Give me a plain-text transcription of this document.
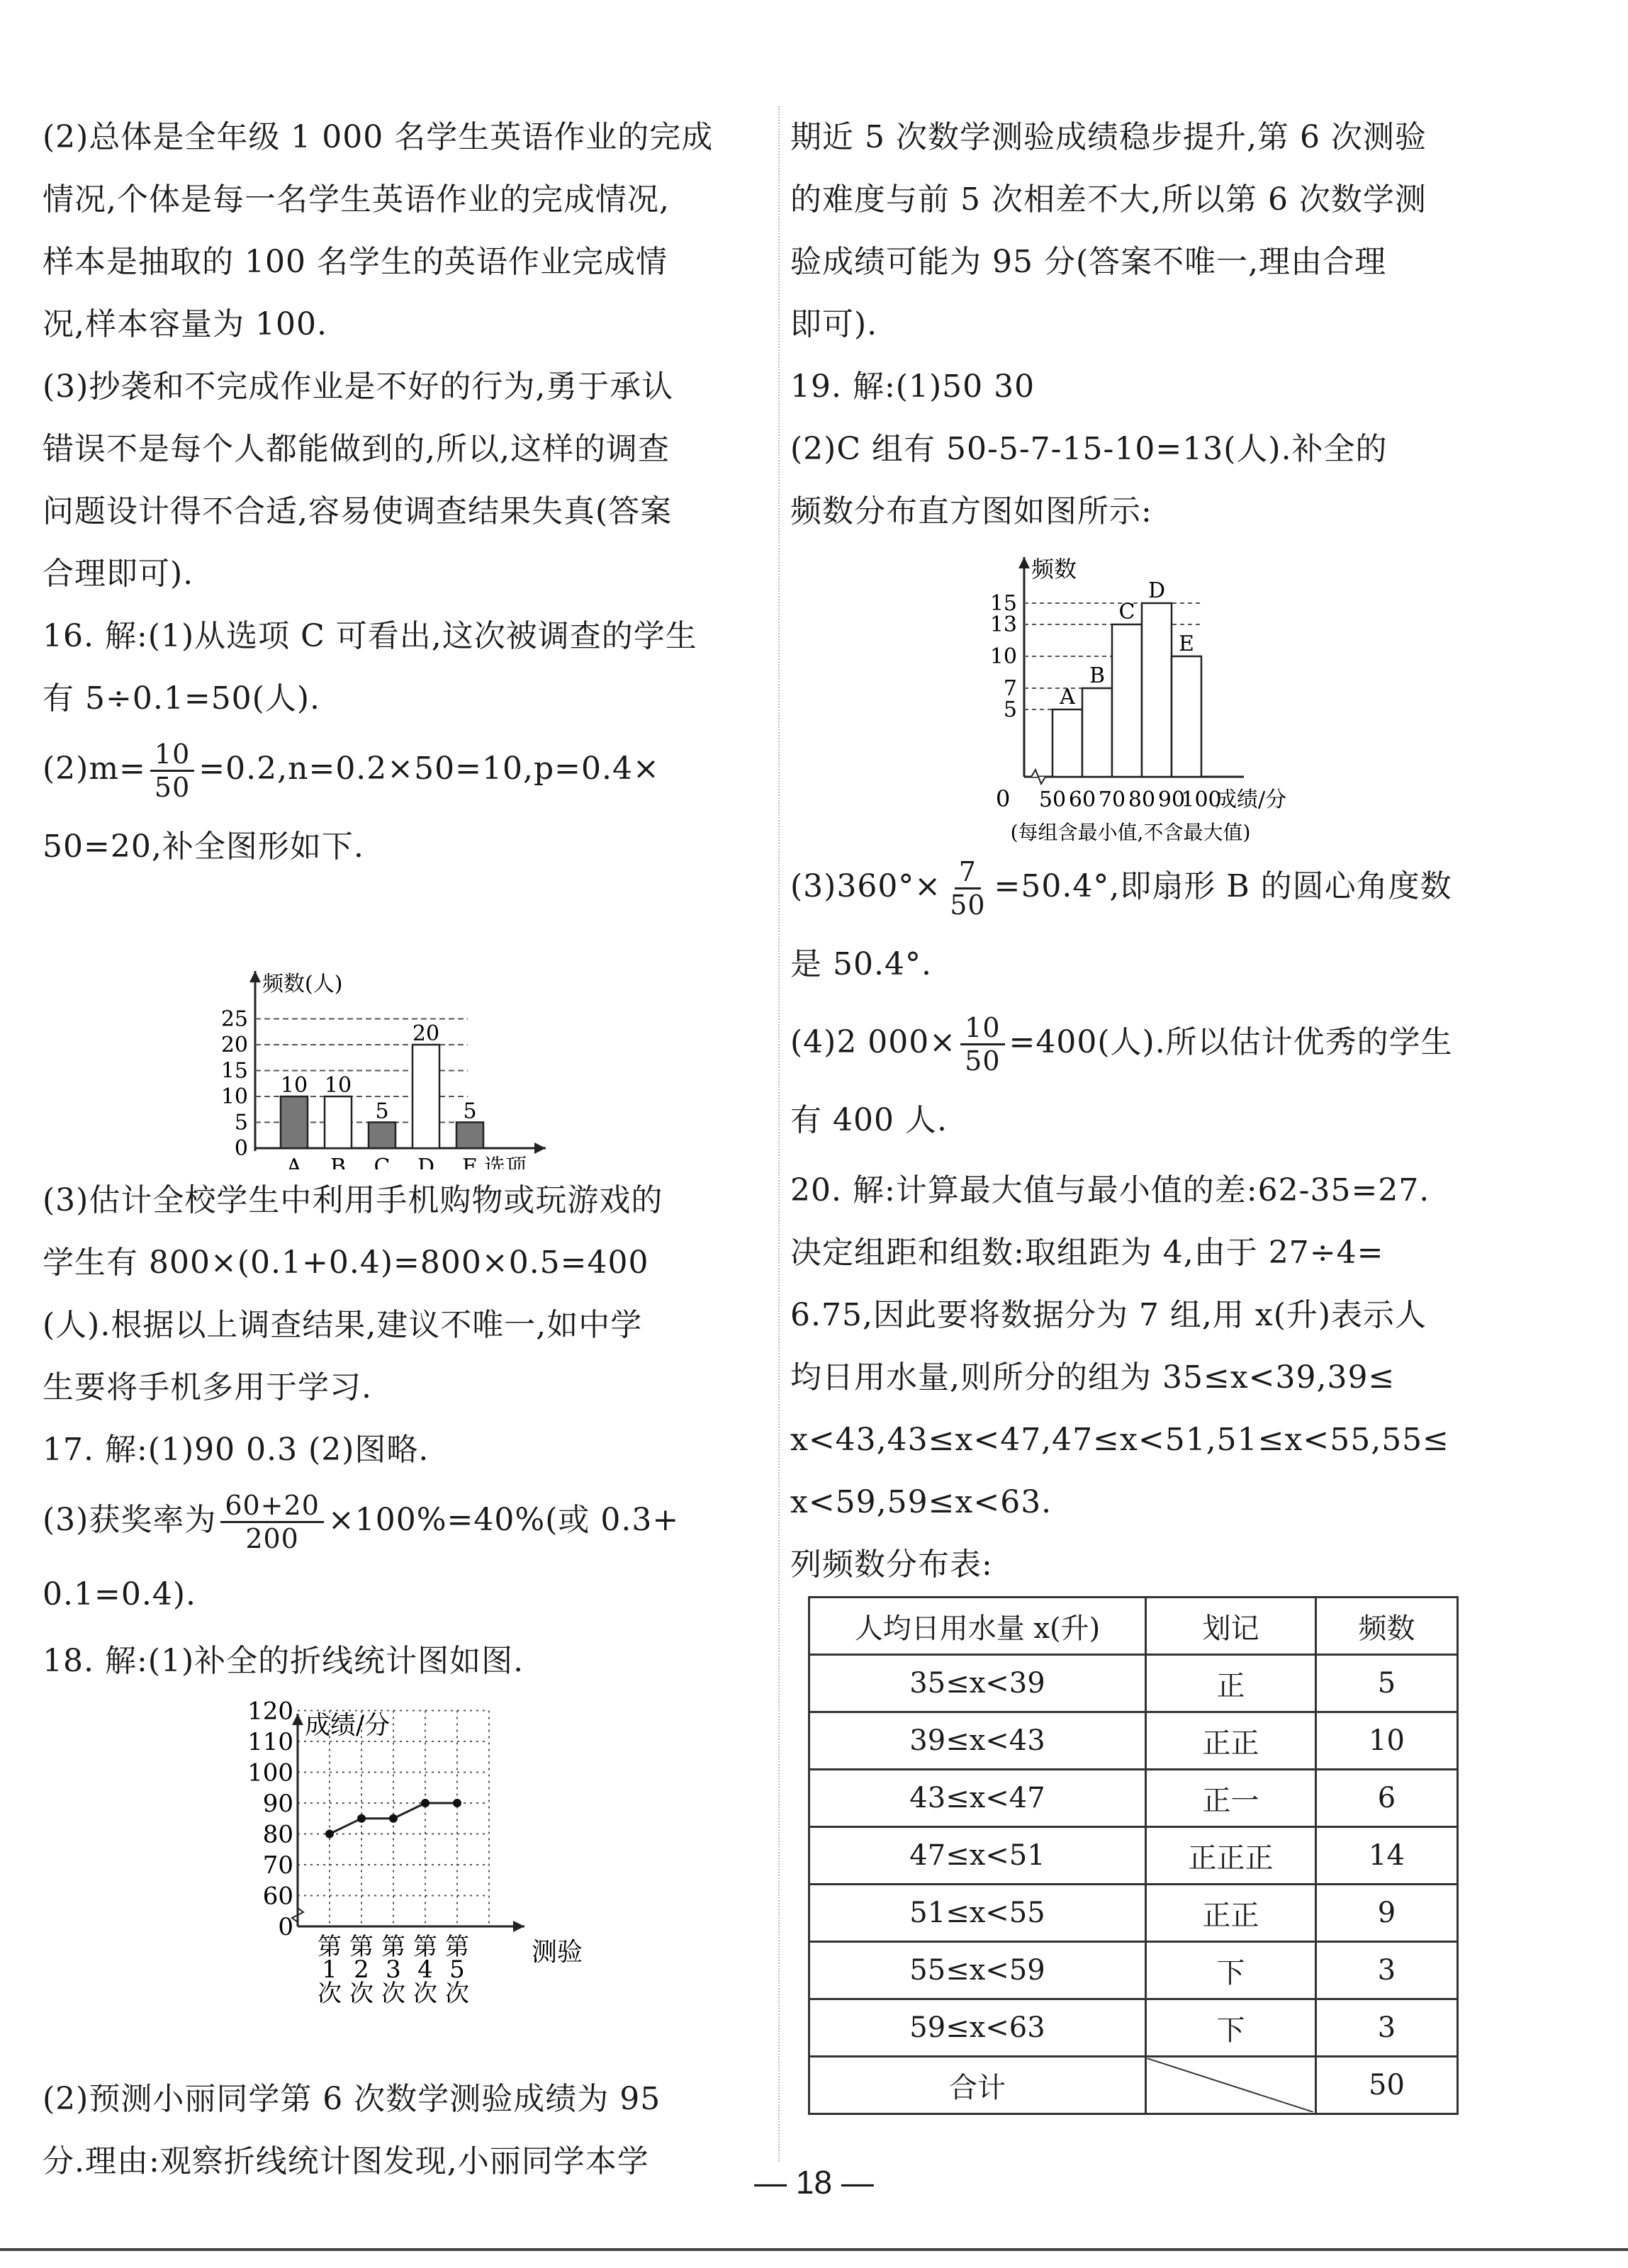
(2)总体是全年级 1 000 名学生英语作业的完成

情况,个体是每一名学生英语作业的完成情况,

样本是抽取的 100 名学生的英语作业完成情

况,样本容量为 100.

(3)抄袭和不完成作业是不好的行为,勇于承认

错误不是每个人都能做到的,所以,这样的调查

问题设计得不合适,容易使调查结果失真(答案

合理即可).

16. 解:(1)从选项 C 可看出,这次被调查的学生

有 5÷0.1=50(人).

$(2)m= \frac{10}{50} =0.2,n=0.2\times 50=10,p=0.4\times$

50=20,补全图形如下.

频数(人)
0
5
10
15
20
25
10
A
10
B
5
C
20
D
5
E 选项

(3)估计全校学生中利用手机购物或玩游戏的

学生有 800×(0.1+0.4)=800×0.5=400

(人).根据以上调查结果,建议不唯一,如中学

生要将手机多用于学习.

17. 解:(1)90 0.3 (2)图略.

(3)获奖率为 $\frac{60+20}{200} \times 100\%=40\%$(或 0.3+

0.1=0.4).

18. 解:(1)补全的折线统计图如图.

成绩/分
0
60
70
80
90
100
110
120
第
1
次
第
2
次
第
3
次
第
4
次
第
5
次
测验

(2)预测小丽同学第 6 次数学测验成绩为 95

分.理由:观察折线统计图发现,小丽同学本学

期近 5 次数学测验成绩稳步提升,第 6 次测验

的难度与前 5 次相差不大,所以第 6 次数学测

验成绩可能为 95 分(答案不唯一,理由合理

即可).

19. 解:(1)50 30

(2)C 组有 50-5-7-15-10=13(人).补全的

频数分布直方图如图所示:

频数
0
5
7
10
13
15
A
B
C
D
E
50 60 70 80 90
100
成绩/分
(每组含最小值,不含最大值)

$(3)360^\circ\times \frac{7}{50} =50.4^\circ$,即扇形 B 的圆心角度数

是 50.4°.

(4)2 $000\times \frac{10}{50} =400$(人).所以估计优秀的学生

有 400 人.

20. 解:计算最大值与最小值的差:62-35=27.

决定组距和组数:取组距为 4,由于 27÷4=

6.75,因此要将数据分为 7 组,用 x(升)表示人

均日用水量,则所分的组为 35≤x<39,39≤

x<43,43≤x<47,47≤x<51,51≤x<55,55≤

x<59,59≤x<63.

列频数分布表:

人均日用水量 x(升)	划记	频数
35≤x<39	正	5
39≤x<43	正正	10
43≤x<47	正一	6
47≤x<51	正正正	14
51≤x<55	正正	9
55≤x<59	下	3
59≤x<63	下	3
合计		50
— 18 —
